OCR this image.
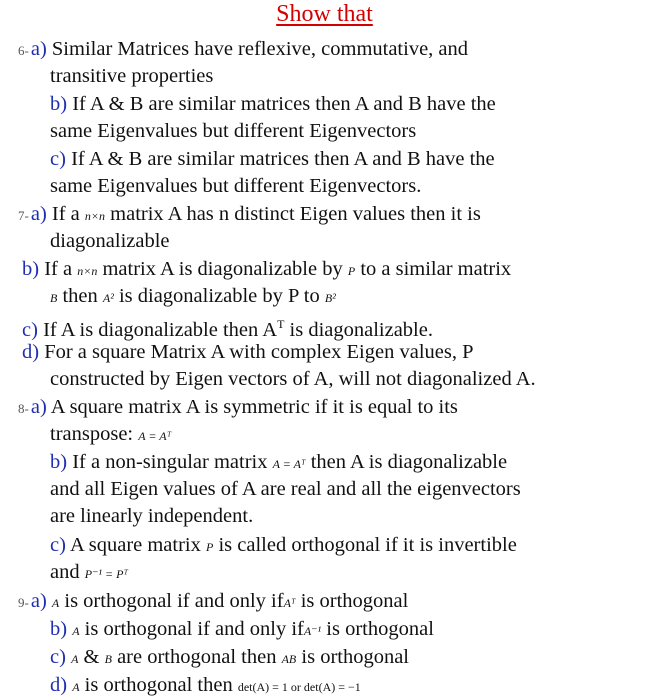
Show that
6-a) Similar Matrices have reflexive, commutative, and
transitive properties
b) If A & B are similar matrices then A and B have the
same Eigenvalues but different Eigenvectors
c) If A & B are similar matrices then A and B have the
same Eigenvalues but different Eigenvectors.
7-a) If a n×n matrix A has n distinct Eigen values then it is
diagonalizable
b) If a n×n matrix A is diagonalizable by P to a similar matrix
B then A² is diagonalizable by P to B²
c) If A is diagonalizable then $A^T$ is diagonalizable.
d) For a square Matrix A with complex Eigen values, P
constructed by Eigen vectors of A, will not diagonalized A.
8-a) A square matrix A is symmetric if it is equal to its
transpose: A = Aᵀ
b) If a non-singular matrix A = Aᵀ then A is diagonalizable
and all Eigen values of A are real and all the eigenvectors
are linearly independent.
c) A square matrix P is called orthogonal if it is invertible
and P⁻¹ = Pᵀ
9-a) A is orthogonal if and only ifAᵀ is orthogonal
b) A is orthogonal if and only ifA⁻¹ is orthogonal
c) A & B are orthogonal then AB is orthogonal
d) A is orthogonal then det(A) = 1 or det(A) = −1
